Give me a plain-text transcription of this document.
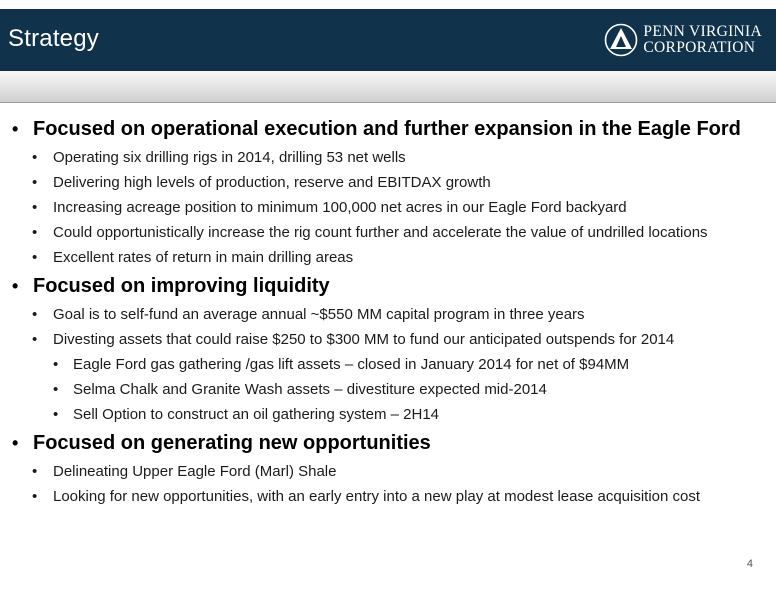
Strategy	PENN VIRGINIA
CORPORATION
• Focused on operational execution and further expansion in the Eagle Ford
• Operating six drilling rigs in 2014, drilling 53 net wells
• Delivering high levels of production, reserve and EBITDAX growth
• Increasing acreage position to minimum 100,000 net acres in our Eagle Ford backyard
• Could opportunistically increase the rig count further and accelerate the value of undrilled locations
• Excellent rates of return in main drilling areas
• Focused on improving liquidity
• Goal is to self-fund an average annual ~$550 MM capital program in three years
• Divesting assets that could raise $250 to $300 MM to fund our anticipated outspends for 2014
• Eagle Ford gas gathering /gas lift assets – closed in January 2014 for net of $94MM
• Selma Chalk and Granite Wash assets – divestiture expected mid-2014
• Sell Option to construct an oil gathering system – 2H14
• Focused on generating new opportunities
• Delineating Upper Eagle Ford (Marl) Shale
• Looking for new opportunities, with an early entry into a new play at modest lease acquisition cost
4
